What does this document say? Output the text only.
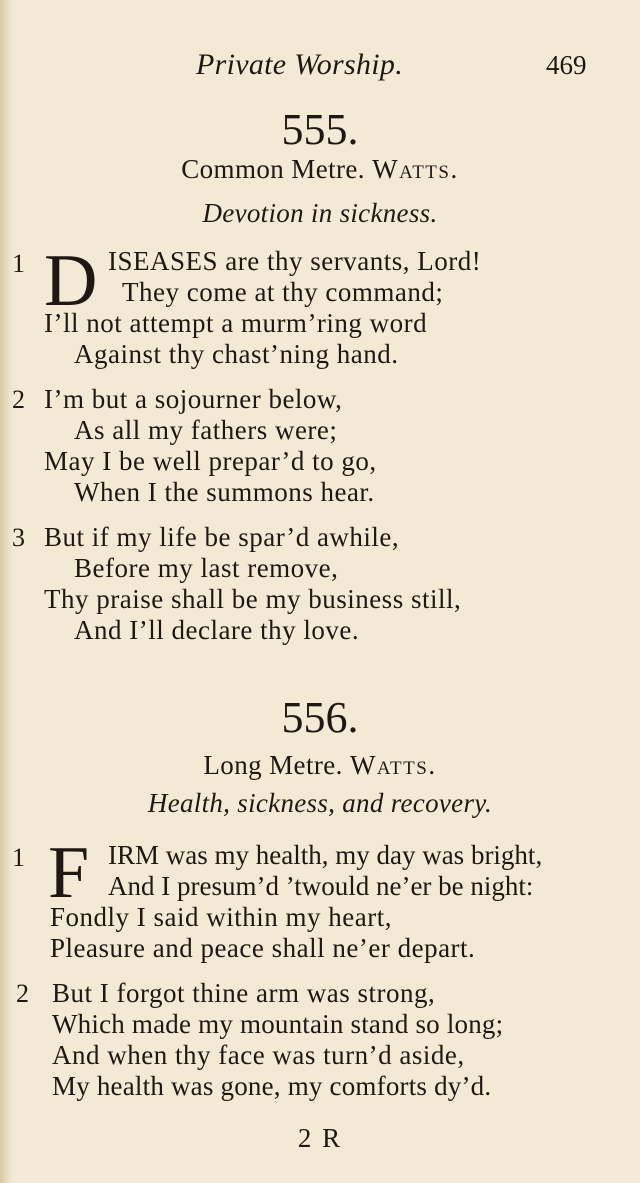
Private Worship.	469
555.
Common Metre. Watts.
Devotion in sickness.
1 D ISEASES are thy servants, Lord!
They come at thy command;
I’ll not attempt a murm’ring word
Against thy chast’ning hand.
2 I’m but a sojourner below,
As all my fathers were;
May I be well prepar’d to go,
When I the summons hear.
3 But if my life be spar’d awhile,
Before my last remove,
Thy praise shall be my business still,
And I’ll declare thy love.
556.
Long Metre. Watts.
Health, sickness, and recovery.
1 F IRM was my health, my day was bright,
And I presum’d ’twould ne’er be night:
Fondly I said within my heart,
Pleasure and peace shall ne’er depart.
2 But I forgot thine arm was strong,
Which made my mountain stand so long;
And when thy face was turn’d aside,
My health was gone, my comforts dy’d.
2 R
